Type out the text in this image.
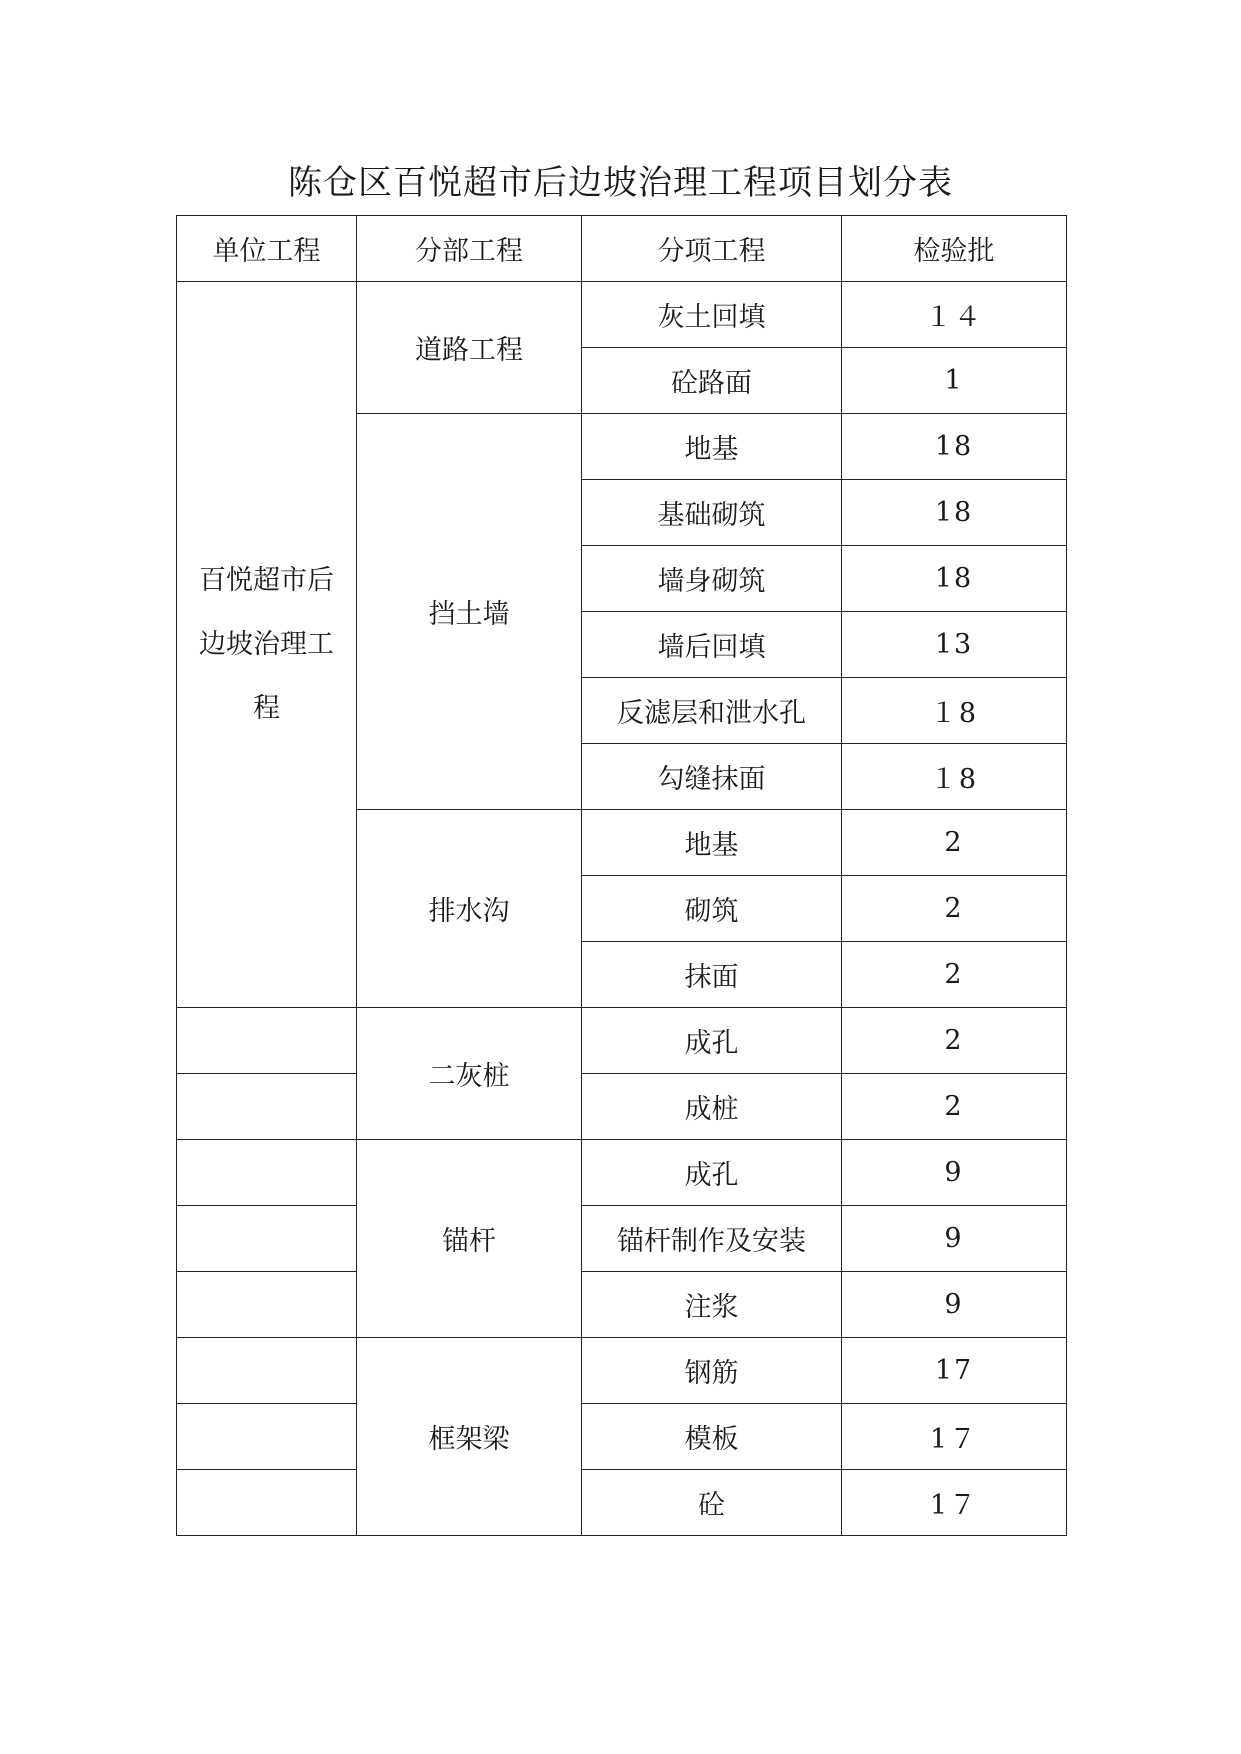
陈仓区百悦超市后边坡治理工程项目划分表
单位工程	分部工程	分项工程	检验批
百悦超市后边坡治理工程	道路工程	灰土回填	１４
		砼路面	1
	挡土墙	地基	18
		基础砌筑	18
		墙身砌筑	18
		墙后回填	13
		反滤层和泄水孔	１8
		勾缝抹面	１8
	排水沟	地基	2
		砌筑	2
		抹面	2
	二灰桩	成孔	2
		成桩	2
	锚杆	成孔	9
		锚杆制作及安装	9
		注浆	9
	框架梁	钢筋	17
		模板	1７
		砼	1７
